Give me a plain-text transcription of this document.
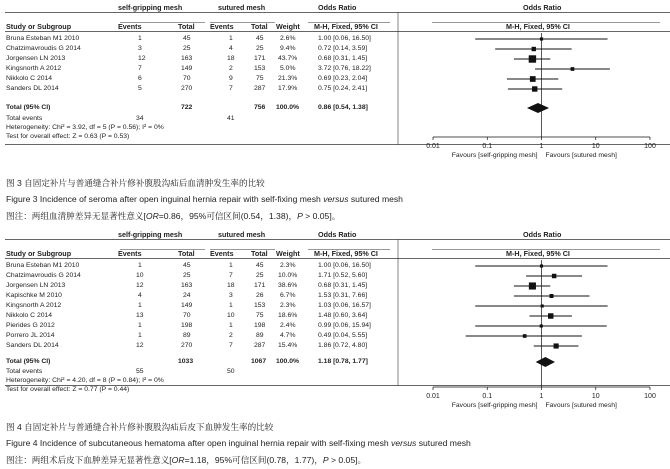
self-gripping mesh	sutured mesh	Odds Ratio	Odds Ratio
Study or Subgroup	Events	Total Events Total Weight M-H, Fixed, 95% CI	M-H, Fixed, 95% CI
Bruna Esteban M1 2010	1	45	1	45 2.6%	1.00 [0.06, 16.50]
Chatzimavroudis G 2014	3	25	4	25 9.4%	0.72 [0.14, 3.59]
Jorgensen LN 2013	12	163	18	171 43.7%	0.68 [0.31, 1.45]
Kingsnorth A 2012	7	149	2	153 5.0%	3.72 [0.76, 18.22]
Nikkolo C 2014	6	70	9	75 21.3%	0.69 [0.23, 2.04]
Sanders DL 2014	5	270	7	287 17.9%	0.75 [0.24, 2.41]
Total (95% CI)	722	756 100.0%	0.86 [0.54, 1.38]
Total events	34	41
Heterogeneity: Chi² = 3.92, df = 5 (P = 0.56); I² = 0%
Test for overall effect: Z = 0.63 (P = 0.53)
0.01	0.1	1	10	100
Favours [self-gripping mesh] Favours [sutured mesh]
图 3 自固定补片与普通缝合补片修补腹股沟疝后血清肿发生率的比较
Figure 3 Incidence of seroma after open inguinal hernia repair with self-fixing mesh versus sutured mesh
图注：两组血清肿差异无显著性意义[OR=0.86，95%可信区间(0.54，1.38)，P > 0.05]。
self-gripping mesh	sutured mesh	Odds Ratio	Odds Ratio
Study or Subgroup	Events	Total Events Total Weight M-H, Fixed, 95% CI	M-H, Fixed, 95% CI
Bruna Esteban M1 2010	1	45	1	45 2.3%	1.00 [0.06, 16.50]
Chatzimavroudis G 2014	10	25	7	25 10.0%	1.71 [0.52, 5.60]
Jorgensen LN 2013	12	163	18	171 38.6%	0.68 [0.31, 1.45]
Kapischke M 2010	4	24	3	26 6.7%	1.53 [0.31, 7.66]
Kingsnorth A 2012	1	149	1	153 2.3%	1.03 [0.06, 16.57]
Nikkolo C 2014	13	70	10	75 18.6%	1.48 [0.60, 3.64]
Pierides G 2012	1	198	1	198 2.4%	0.99 [0.06, 15.94]
Porrero JL 2014	1	89	2	89 4.7%	0.49 [0.04, 5.55]
Sanders DL 2014	12	270	7	287 15.4%	1.86 [0.72, 4.80]
Total (95% CI)	1033	1067 100.0%	1.18 [0.78, 1.77]
Total events	55	50
Heterogeneity: Chi² = 4.20, df = 8 (P = 0.84); I² = 0%
Test for overall effect: Z = 0.77 (P = 0.44)
0.01	0.1	1	10	100
Favours [self-gripping mesh] Favours [sutured mesh]
图 4 自固定补片与普通缝合补片修补腹股沟疝后皮下血肿发生率的比较
Figure 4 Incidence of subcutaneous hematoma after open inguinal hernia repair with self-fixing mesh versus sutured mesh
图注：两组术后皮下血肿差异无显著性意义[OR=1.18，95%可信区间(0.78，1.77)，P > 0.05]。
